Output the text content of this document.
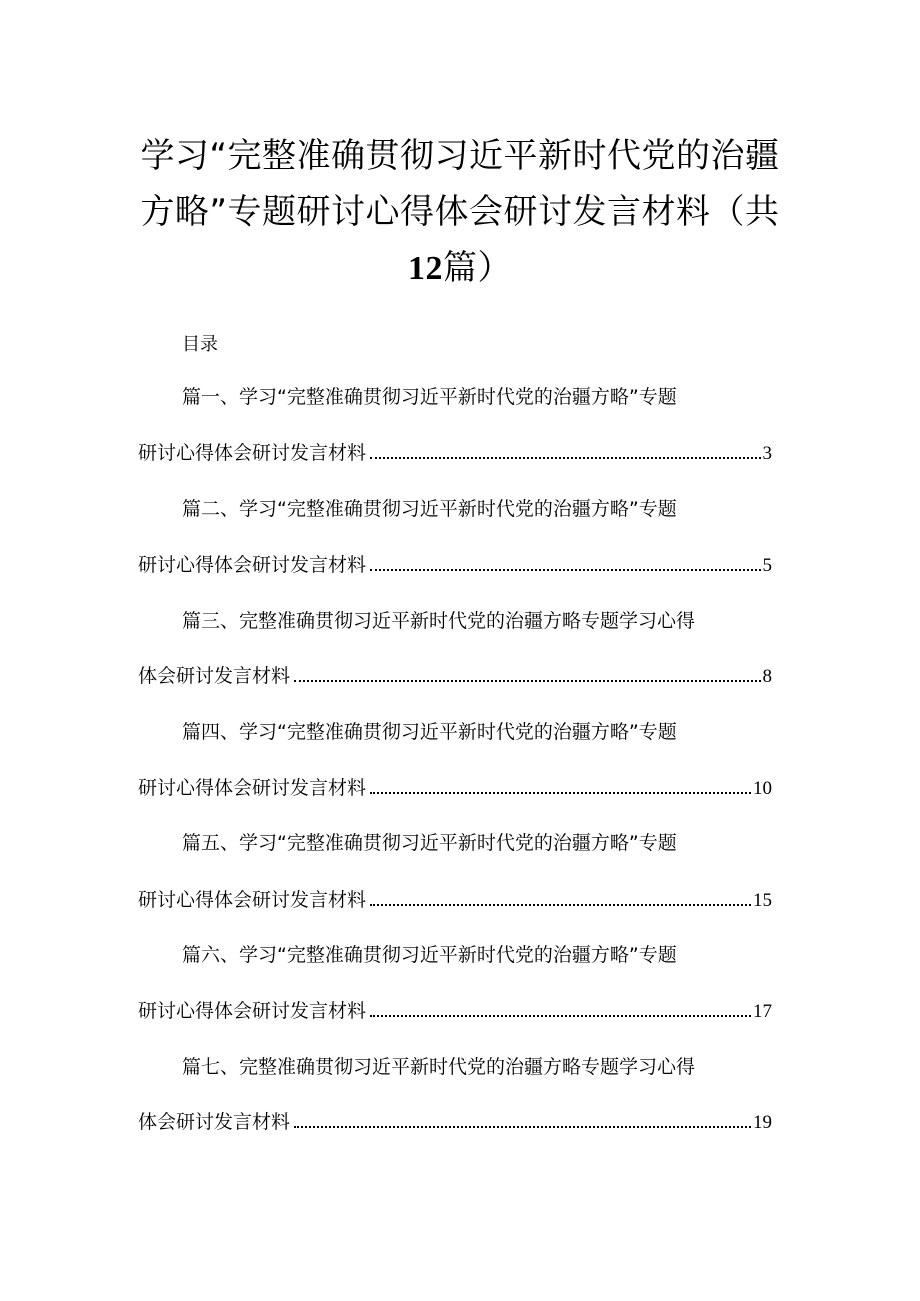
学习“完整准确贯彻习近平新时代党的治疆
方略”专题研讨心得体会研讨发言材料（共
12篇）
目录
篇一、学习“完整准确贯彻习近平新时代党的治疆方略”专题
研讨心得体会研讨发言材料	3
篇二、学习“完整准确贯彻习近平新时代党的治疆方略”专题
研讨心得体会研讨发言材料	5
篇三、完整准确贯彻习近平新时代党的治疆方略专题学习心得
体会研讨发言材料	8
篇四、学习“完整准确贯彻习近平新时代党的治疆方略”专题
研讨心得体会研讨发言材料	10
篇五、学习“完整准确贯彻习近平新时代党的治疆方略”专题
研讨心得体会研讨发言材料	15
篇六、学习“完整准确贯彻习近平新时代党的治疆方略”专题
研讨心得体会研讨发言材料	17
篇七、完整准确贯彻习近平新时代党的治疆方略专题学习心得
体会研讨发言材料	19
